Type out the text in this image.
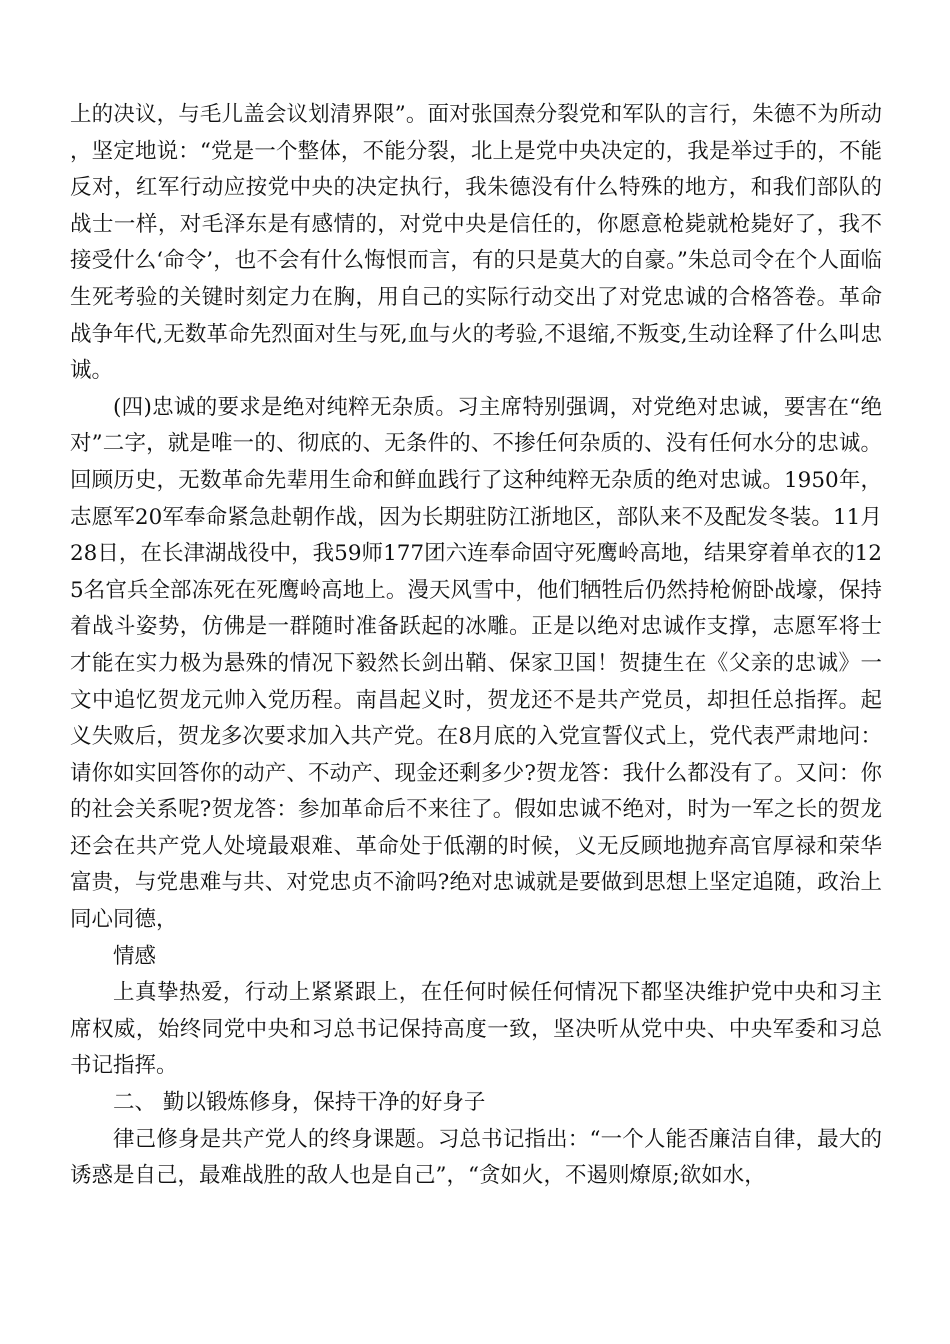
上的决议，与毛儿盖会议划清界限”。面对张国焘分裂党和军队的言行，朱德不为所动，坚定地说：“党是一个整体，不能分裂，北上是党中央决定的，我是举过手的，不能反对，红军行动应按党中央的决定执行，我朱德没有什么特殊的地方，和我们部队的战士一样，对毛泽东是有感情的，对党中央是信任的，你愿意枪毙就枪毙好了，我不接受什么‘命令’，也不会有什么悔恨而言，有的只是莫大的自豪。”朱总司令在个人面临生死考验的关键时刻定力在胸，用自己的实际行动交出了对党忠诚的合格答卷。革命战争年代,无数革命先烈面对生与死,血与火的考验,不退缩,不叛变,生动诠释了什么叫忠诚。

(四)忠诚的要求是绝对纯粹无杂质。习主席特别强调，对党绝对忠诚，要害在“绝对”二字，就是唯一的、彻底的、无条件的、不掺任何杂质的、没有任何水分的忠诚。回顾历史，无数革命先辈用生命和鲜血践行了这种纯粹无杂质的绝对忠诚。1950年，志愿军20军奉命紧急赴朝作战，因为长期驻防江浙地区，部队来不及配发冬装。11月28日，在长津湖战役中，我59师177团六连奉命固守死鹰岭高地，结果穿着单衣的125名官兵全部冻死在死鹰岭高地上。漫天风雪中，他们牺牲后仍然持枪俯卧战壕，保持着战斗姿势，仿佛是一群随时准备跃起的冰雕。正是以绝对忠诚作支撑，志愿军将士才能在实力极为悬殊的情况下毅然长剑出鞘、保家卫国！贺捷生在《父亲的忠诚》一文中追忆贺龙元帅入党历程。南昌起义时，贺龙还不是共产党员，却担任总指挥。起义失败后，贺龙多次要求加入共产党。在8月底的入党宣誓仪式上，党代表严肃地问：请你如实回答你的动产、不动产、现金还剩多少?贺龙答：我什么都没有了。又问：你的社会关系呢?贺龙答：参加革命后不来往了。假如忠诚不绝对，时为一军之长的贺龙还会在共产党人处境最艰难、革命处于低潮的时候，义无反顾地抛弃高官厚禄和荣华富贵，与党患难与共、对党忠贞不渝吗?绝对忠诚就是要做到思想上坚定追随，政治上同心同德，

情感

上真挚热爱，行动上紧紧跟上，在任何时候任何情况下都坚决维护党中央和习主席权威，始终同党中央和习总书记保持高度一致，坚决听从党中央、中央军委和习总书记指挥。

二、 勤以锻炼修身，保持干净的好身子

律己修身是共产党人的终身课题。习总书记指出：“一个人能否廉洁自律，最大的诱惑是自己，最难战胜的敌人也是自己”，“贪如火，不遏则燎原;欲如水，
